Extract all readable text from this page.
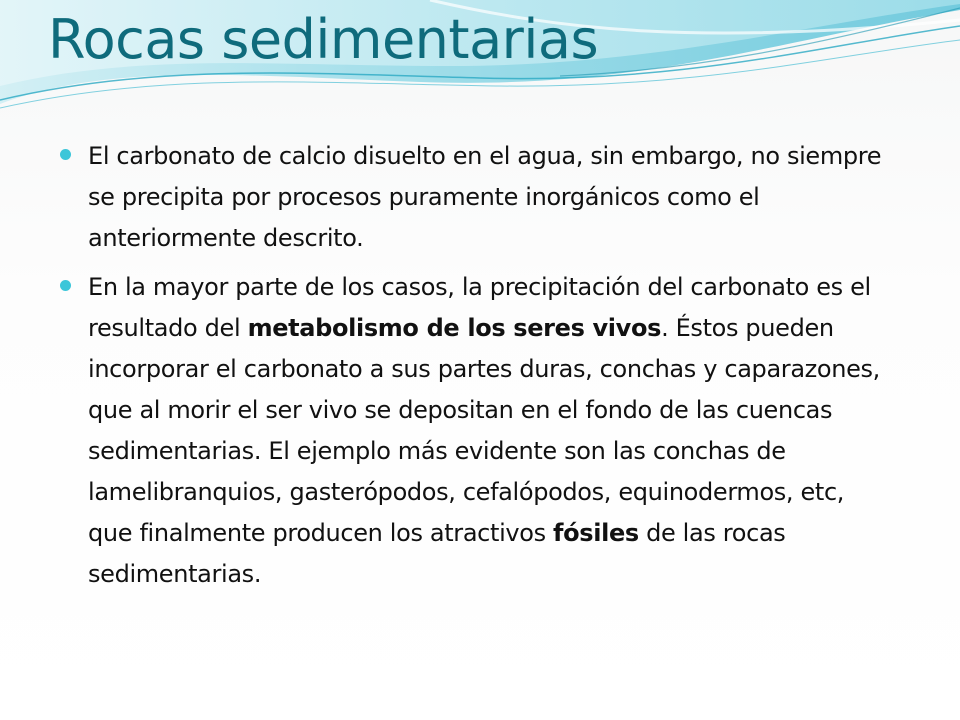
Rocas sedimentarias
El carbonato de calcio disuelto en el agua, sin embargo, no siempre se precipita por procesos puramente inorgánicos como el anteriormente descrito.
En la mayor parte de los casos, la precipitación del carbonato es el resultado del metabolismo de los seres vivos. Éstos pueden incorporar el carbonato a sus partes duras, conchas y caparazones, que al morir el ser vivo se depositan en el fondo de las cuencas sedimentarias. El ejemplo más evidente son las conchas de lamelibranquios, gasterópodos, cefalópodos, equinodermos, etc, que finalmente producen los atractivos fósiles de las rocas sedimentarias.
